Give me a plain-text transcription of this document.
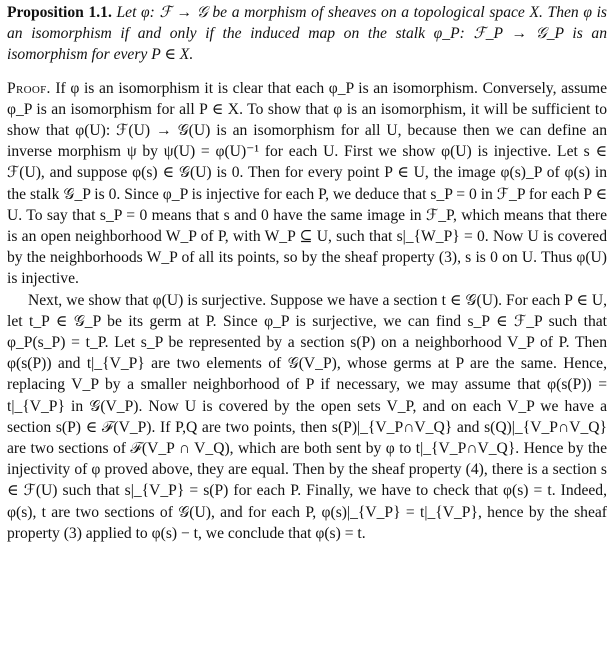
Proposition 1.1. Let φ: ℱ → 𝒢 be a morphism of sheaves on a topological space X. Then φ is an isomorphism if and only if the induced map on the stalk φ_P: ℱ_P → 𝒢_P is an isomorphism for every P ∈ X.

Proof. If φ is an isomorphism it is clear that each φ_P is an isomorphism. Conversely, assume φ_P is an isomorphism for all P ∈ X. To show that φ is an isomorphism, it will be sufficient to show that φ(U): ℱ(U) → 𝒢(U) is an isomorphism for all U, because then we can define an inverse morphism ψ by ψ(U) = φ(U)⁻¹ for each U. First we show φ(U) is injective. Let s ∈ ℱ(U), and suppose φ(s) ∈ 𝒢(U) is 0. Then for every point P ∈ U, the image φ(s)_P of φ(s) in the stalk 𝒢_P is 0. Since φ_P is injective for each P, we deduce that s_P = 0 in ℱ_P for each P ∈ U. To say that s_P = 0 means that s and 0 have the same image in ℱ_P, which means that there is an open neighborhood W_P of P, with W_P ⊆ U, such that s|_{W_P} = 0. Now U is covered by the neighborhoods W_P of all its points, so by the sheaf property (3), s is 0 on U. Thus φ(U) is injective.

Next, we show that φ(U) is surjective. Suppose we have a section t ∈ 𝒢(U). For each P ∈ U, let t_P ∈ 𝒢_P be its germ at P. Since φ_P is surjective, we can find s_P ∈ ℱ_P such that φ_P(s_P) = t_P. Let s_P be represented by a section s(P) on a neighborhood V_P of P. Then φ(s(P)) and t|_{V_P} are two elements of 𝒢(V_P), whose germs at P are the same. Hence, replacing V_P by a smaller neighborhood of P if necessary, we may assume that φ(s(P)) = t|_{V_P} in 𝒢(V_P). Now U is covered by the open sets V_P, and on each V_P we have a section s(P) ∈ ℱ(V_P). If P,Q are two points, then s(P)|_{V_P∩V_Q} and s(Q)|_{V_P∩V_Q} are two sections of ℱ(V_P ∩ V_Q), which are both sent by φ to t|_{V_P∩V_Q}. Hence by the injectivity of φ proved above, they are equal. Then by the sheaf property (4), there is a section s ∈ ℱ(U) such that s|_{V_P} = s(P) for each P. Finally, we have to check that φ(s) = t. Indeed, φ(s), t are two sections of 𝒢(U), and for each P, φ(s)|_{V_P} = t|_{V_P}, hence by the sheaf property (3) applied to φ(s) − t, we conclude that φ(s) = t.
